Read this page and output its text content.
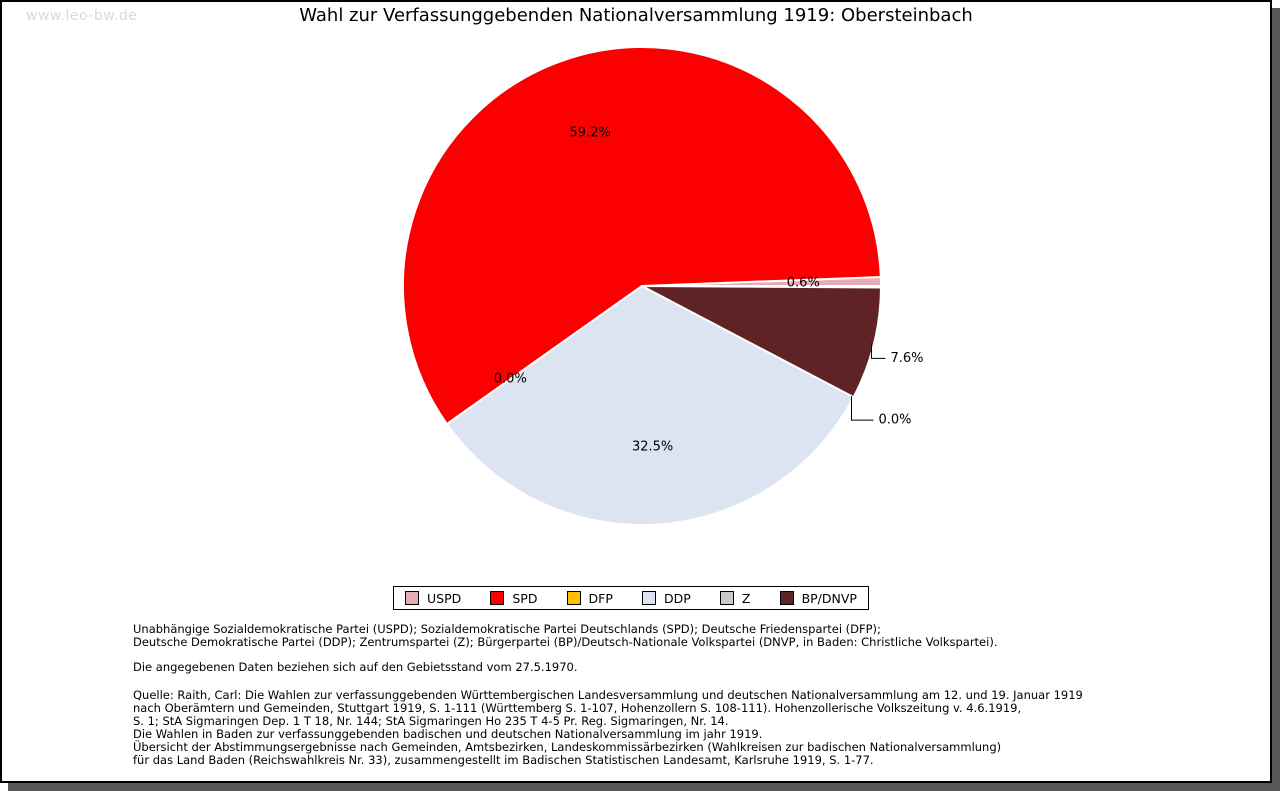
www.leo-bw.de	Wahl zur Verfassunggebenden Nationalversammlung 1919: Obersteinbach
0.6%
59.2%
0.0%
32.5%
0.0%
7.6%
USPD	SPD	DFP	DDP	Z	BP/DNVP
Unabhängige Sozialdemokratische Partei (USPD); Sozialdemokratische Partei Deutschlands (SPD); Deutsche Friedenspartei (DFP);
Deutsche Demokratische Partei (DDP); Zentrumspartei (Z); Bürgerpartei (BP)/Deutsch-Nationale Volkspartei (DNVP, in Baden: Christliche Volkspartei).
Die angegebenen Daten beziehen sich auf den Gebietsstand vom 27.5.1970.
Quelle: Raith, Carl: Die Wahlen zur verfassunggebenden Württembergischen Landesversammlung und deutschen Nationalversammlung am 12. und 19. Januar 1919
nach Oberämtern und Gemeinden, Stuttgart 1919, S. 1-111 (Württemberg S. 1-107, Hohenzollern S. 108-111). Hohenzollerische Volkszeitung v. 4.6.1919,
S. 1; StA Sigmaringen Dep. 1 T 18, Nr. 144; StA Sigmaringen Ho 235 T 4-5 Pr. Reg. Sigmaringen, Nr. 14.
Die Wahlen in Baden zur verfassunggebenden badischen und deutschen Nationalversammlung im jahr 1919.
Übersicht der Abstimmungsergebnisse nach Gemeinden, Amtsbezirken, Landeskommissärbezirken (Wahlkreisen zur badischen Nationalversammlung)
für das Land Baden (Reichswahlkreis Nr. 33), zusammengestellt im Badischen Statistischen Landesamt, Karlsruhe 1919, S. 1-77.
